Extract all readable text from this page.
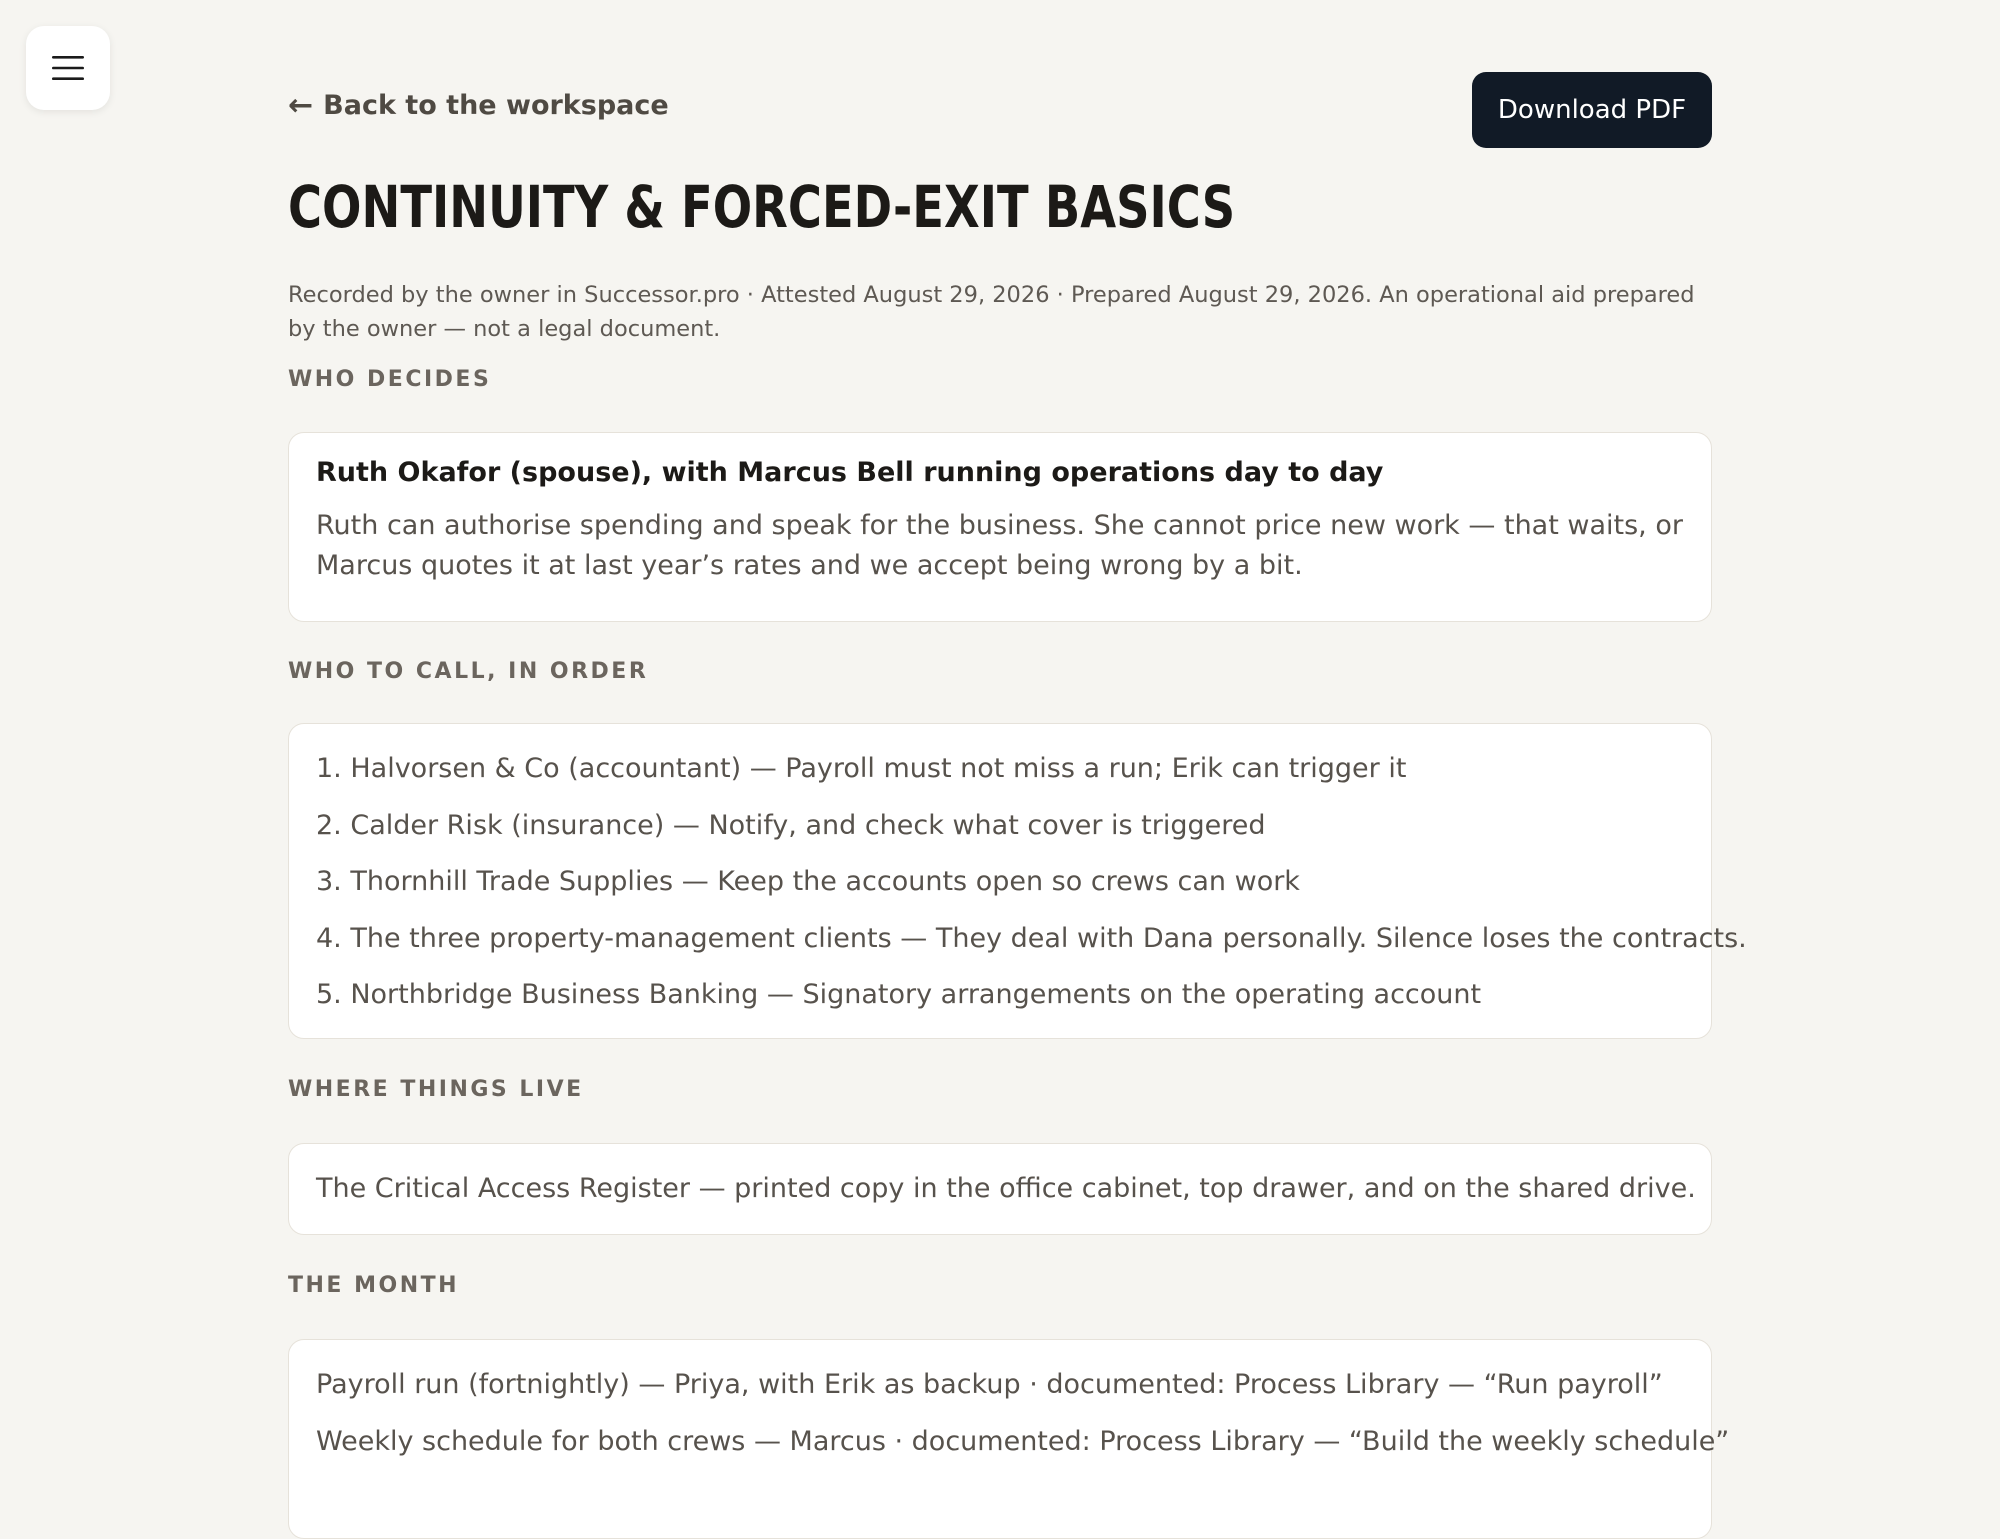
← Back to the workspace	Download PDF
CONTINUITY & FORCED-EXIT BASICS

Recorded by the owner in Successor.pro · Attested August 29, 2026 · Prepared August 29, 2026. An operational aid prepared by the owner — not a legal document.

WHO DECIDES

Ruth Okafor (spouse), with Marcus Bell running operations day to day

Ruth can authorise spending and speak for the business. She cannot price new work — that waits, or Marcus quotes it at last year’s rates and we accept being wrong by a bit.
WHO TO CALL, IN ORDER
1. Halvorsen & Co (accountant) — Payroll must not miss a run; Erik can trigger it
2. Calder Risk (insurance) — Notify, and check what cover is triggered
3. Thornhill Trade Supplies — Keep the accounts open so crews can work
4. The three property-management clients — They deal with Dana personally. Silence loses the contracts.
5. Northbridge Business Banking — Signatory arrangements on the operating account
WHERE THINGS LIVE
The Critical Access Register — printed copy in the office cabinet, top drawer, and on the shared drive.
THE MONTH
Payroll run (fortnightly) — Priya, with Erik as backup · documented: Process Library — “Run payroll”
Weekly schedule for both crews — Marcus · documented: Process Library — “Build the weekly schedule”
